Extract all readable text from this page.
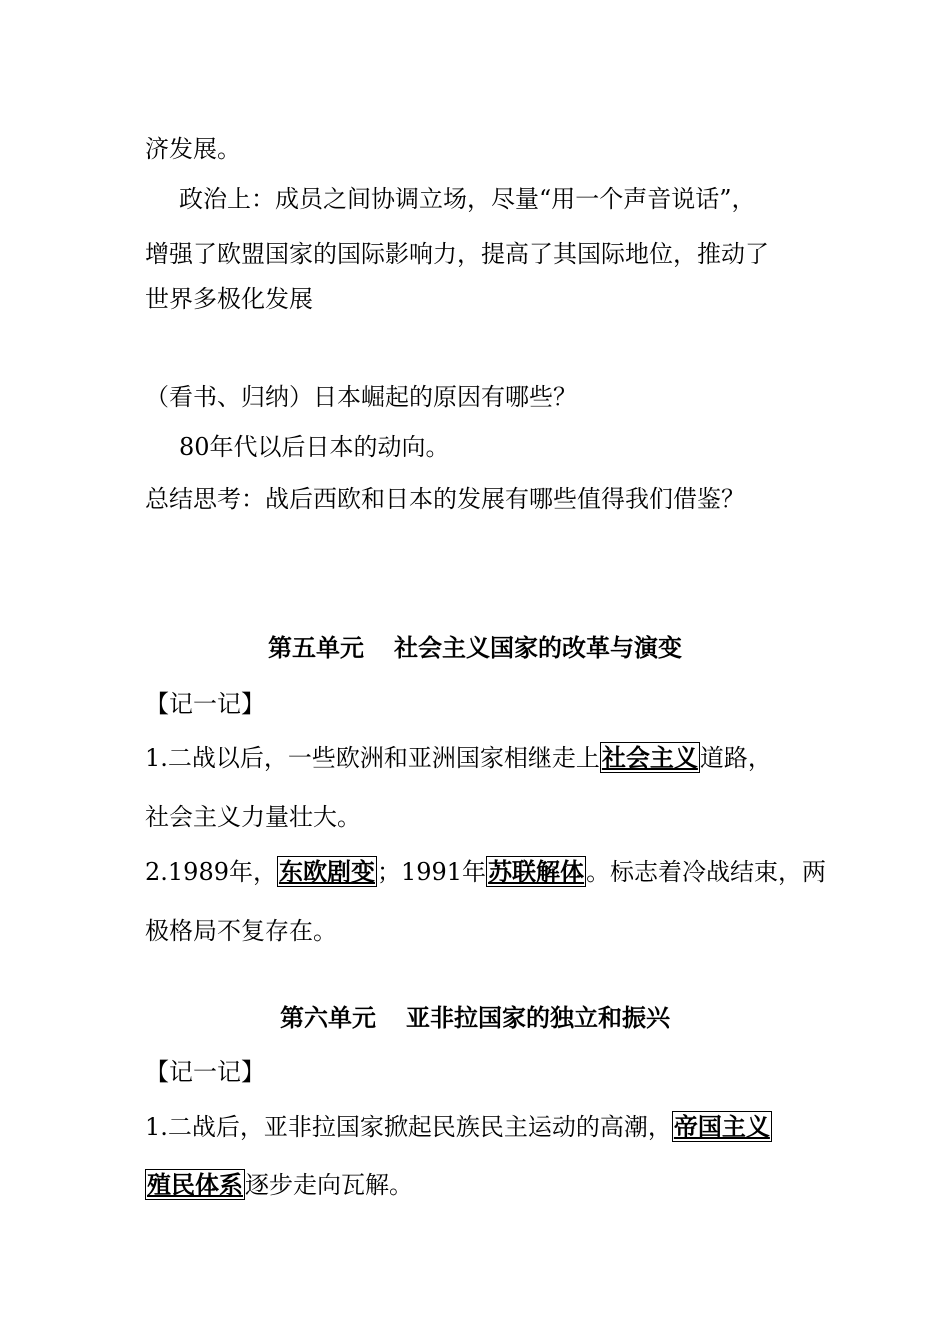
济发展。

政治上：成员之间协调立场，尽量“用一个声音说话”，

增强了欧盟国家的国际影响力，提高了其国际地位，推动了

世界多极化发展

（看书、归纳）日本崛起的原因有哪些？

80年代以后日本的动向。

总结思考：战后西欧和日本的发展有哪些值得我们借鉴？

第五单元 社会主义国家的改革与演变

【记一记】

1.二战以后，一些欧洲和亚洲国家相继走上社会主义道路，

社会主义力量壮大。

2.1989年，东欧剧变；1991年苏联解体。标志着冷战结束，两

极格局不复存在。

第六单元 亚非拉国家的独立和振兴

【记一记】

1.二战后，亚非拉国家掀起民族民主运动的高潮，帝国主义

殖民体系逐步走向瓦解。
